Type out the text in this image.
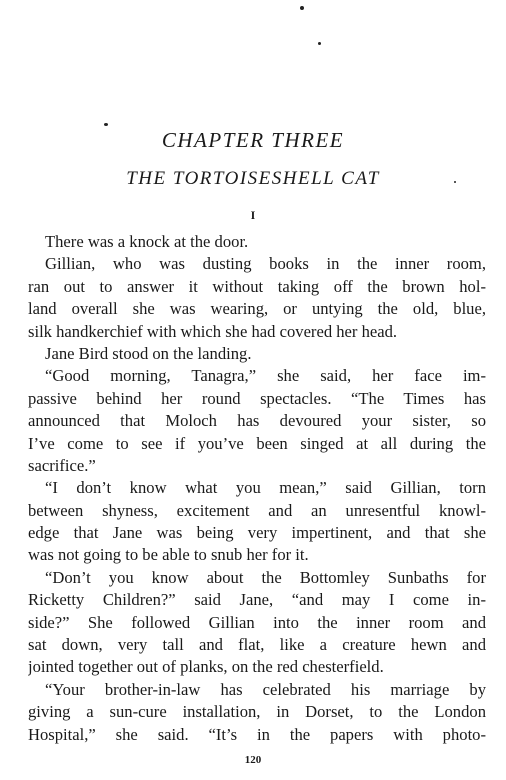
CHAPTER THREE
THE TORTOISESHELL CAT
I
There was a knock at the door.
Gillian, who was dusting books in the inner room,
ran out to answer it without taking off the brown hol-
land overall she was wearing, or untying the old, blue,
silk handkerchief with which she had covered her head.
Jane Bird stood on the landing.
“Good morning, Tanagra,” she said, her face im-
passive behind her round spectacles. “The Times has
announced that Moloch has devoured your sister, so
I’ve come to see if you’ve been singed at all during the
sacrifice.”
“I don’t know what you mean,” said Gillian, torn
between shyness, excitement and an unresentful knowl-
edge that Jane was being very impertinent, and that she
was not going to be able to snub her for it.
“Don’t you know about the Bottomley Sunbaths for
Ricketty Children?” said Jane, “and may I come in-
side?” She followed Gillian into the inner room and
sat down, very tall and flat, like a creature hewn and
jointed together out of planks, on the red chesterfield.
“Your brother-in-law has celebrated his marriage by
giving a sun-cure installation, in Dorset, to the London
Hospital,” she said. “It’s in the papers with photo-
120
